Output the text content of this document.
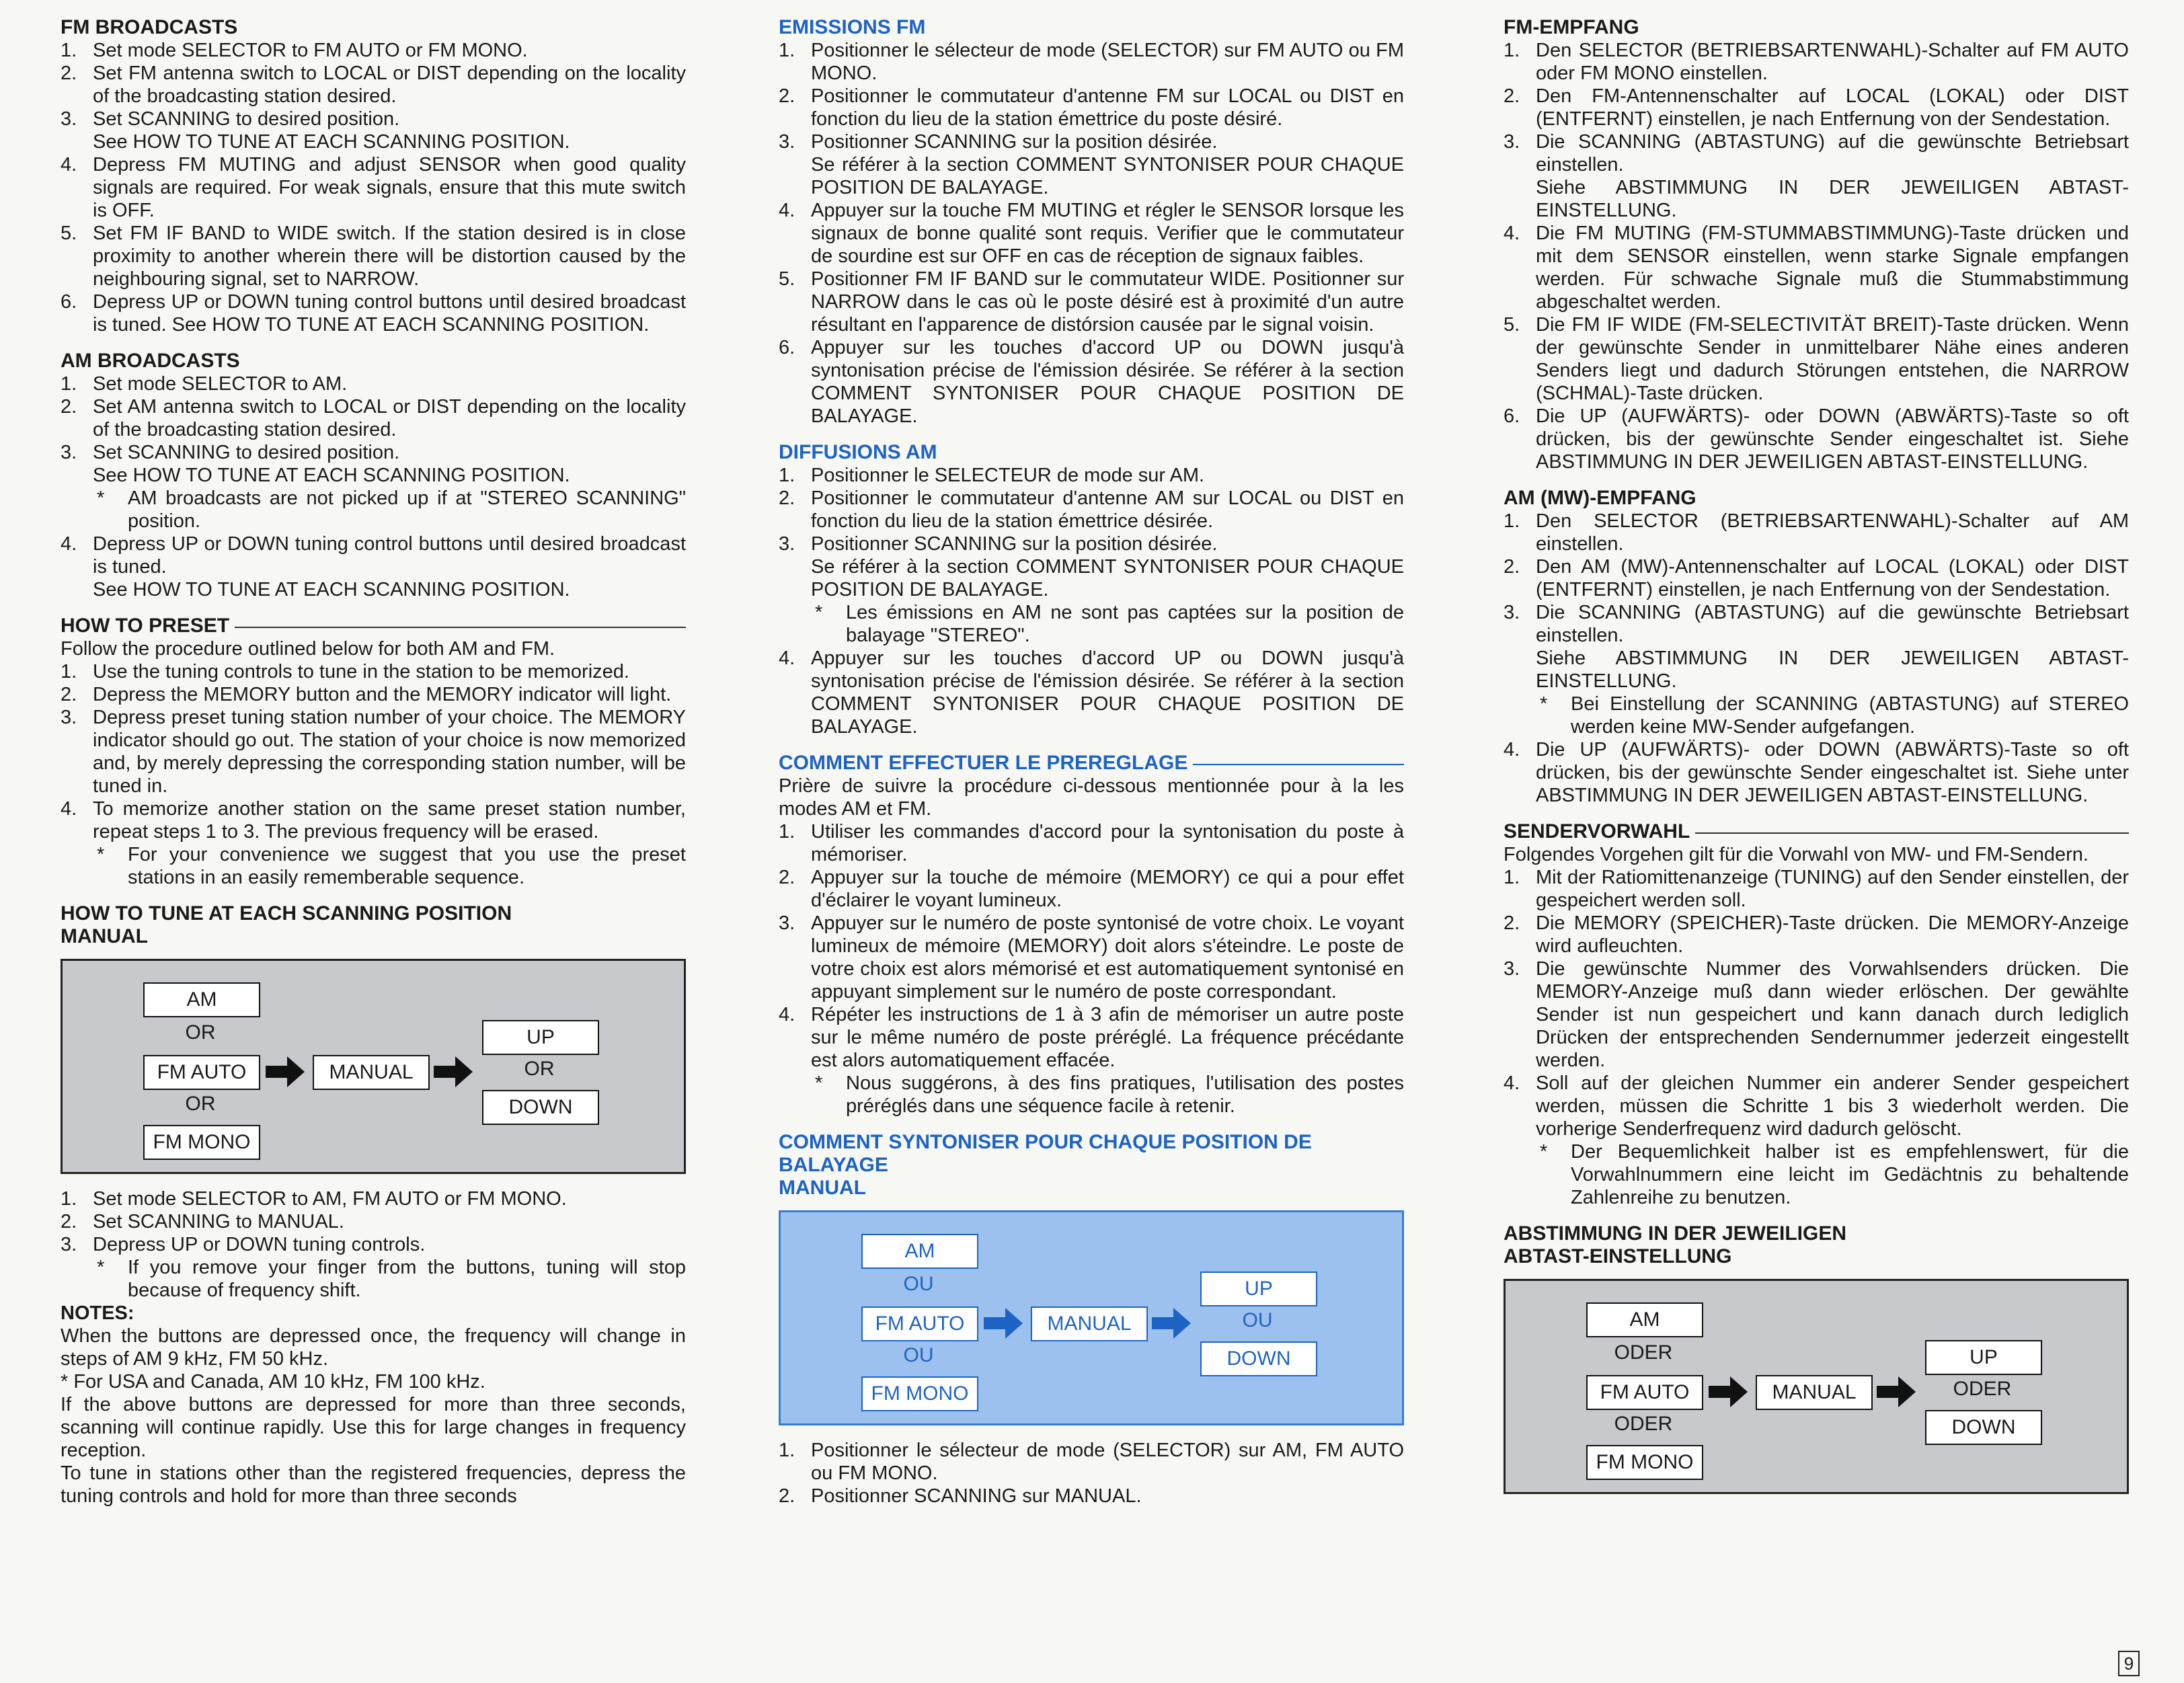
FM BROADCASTS

1. Set mode SELECTOR to FM AUTO or FM MONO.
2. Set FM antenna switch to LOCAL or DIST depending on the locality of the broadcasting station desired.
3. Set SCANNING to desired position.
See HOW TO TUNE AT EACH SCANNING POSITION.
4. Depress FM MUTING and adjust SENSOR when good quality signals are required. For weak signals, ensure that this mute switch is OFF.
5. Set FM IF BAND to WIDE switch. If the station desired is in close proximity to another wherein there will be distortion caused by the neighbouring signal, set to NARROW.
6. Depress UP or DOWN tuning control buttons until desired broadcast is tuned. See HOW TO TUNE AT EACH SCANNING POSITION.

AM BROADCASTS

1. Set mode SELECTOR to AM.
2. Set AM antenna switch to LOCAL or DIST depending on the locality of the broadcasting station desired.
3. Set SCANNING to desired position.
See HOW TO TUNE AT EACH SCANNING POSITION.
* AM broadcasts are not picked up if at "STEREO SCANNING" position.
4. Depress UP or DOWN tuning control buttons until desired broadcast is tuned.
See HOW TO TUNE AT EACH SCANNING POSITION.
HOW TO PRESET

Follow the procedure outlined below for both AM and FM.

1. Use the tuning controls to tune in the station to be memorized.
2. Depress the MEMORY button and the MEMORY indicator will light.
3. Depress preset tuning station number of your choice. The MEMORY indicator should go out. The station of your choice is now memorized and, by merely depressing the corresponding station number, will be tuned in.
4. To memorize another station on the same preset station number, repeat steps 1 to 3. The previous frequency will be erased.
* For your convenience we suggest that you use the preset stations in an easily rememberable sequence.

HOW TO TUNE AT EACH SCANNING POSITION

MANUAL

AM
OR
FM AUTO
OR
FM MONO
MANUAL
UP
OR
DOWN
1. Set mode SELECTOR to AM, FM AUTO or FM MONO.
2. Set SCANNING to MANUAL.
3. Depress UP or DOWN tuning controls.
* If you remove your finger from the buttons, tuning will stop because of frequency shift.

NOTES:

When the buttons are depressed once, the frequency will change in steps of AM 9 kHz, FM 50 kHz.

* For USA and Canada, AM 10 kHz, FM 100 kHz.

If the above buttons are depressed for more than three seconds, scanning will continue rapidly. Use this for large changes in frequency reception.

To tune in stations other than the registered frequencies, depress the tuning controls and hold for more than three seconds

EMISSIONS FM

1. Positionner le sélecteur de mode (SELECTOR) sur FM AUTO ou FM MONO.
2. Positionner le commutateur d'antenne FM sur LOCAL ou DIST en fonction du lieu de la station émettrice du poste désiré.
3. Positionner SCANNING sur la position désirée.
Se référer à la section COMMENT SYNTONISER POUR CHAQUE POSITION DE BALAYAGE.
4. Appuyer sur la touche FM MUTING et régler le SENSOR lorsque les signaux de bonne qualité sont requis. Verifier que le commutateur de sourdine est sur OFF en cas de réception de signaux faibles.
5. Positionner FM IF BAND sur le commutateur WIDE. Positionner sur NARROW dans le cas où le poste désiré est à proximité d'un autre résultant en l'apparence de distórsion causée par le signal voisin.
6. Appuyer sur les touches d'accord UP ou DOWN jusqu'à syntonisation précise de l'émission désirée. Se référer à la section COMMENT SYNTONISER POUR CHAQUE POSITION DE BALAYAGE.

DIFFUSIONS AM

1. Positionner le SELECTEUR de mode sur AM.
2. Positionner le commutateur d'antenne AM sur LOCAL ou DIST en fonction du lieu de la station émettrice désirée.
3. Positionner SCANNING sur la position désirée.
Se référer à la section COMMENT SYNTONISER POUR CHAQUE POSITION DE BALAYAGE.
* Les émissions en AM ne sont pas captées sur la position de balayage "STEREO".
4. Appuyer sur les touches d'accord UP ou DOWN jusqu'à syntonisation précise de l'émission désirée. Se référer à la section COMMENT SYNTONISER POUR CHAQUE POSITION DE BALAYAGE.
COMMENT EFFECTUER LE PREREGLAGE

Prière de suivre la procédure ci-dessous mentionnée pour à la les modes AM et FM.

1. Utiliser les commandes d'accord pour la syntonisation du poste à mémoriser.
2. Appuyer sur la touche de mémoire (MEMORY) ce qui a pour effet d'éclairer le voyant lumineux.
3. Appuyer sur le numéro de poste syntonisé de votre choix. Le voyant lumineux de mémoire (MEMORY) doit alors s'éteindre. Le poste de votre choix est alors mémorisé et est automatiquement syntonisé en appuyant simplement sur le numéro de poste correspondant.
4. Répéter les instructions de 1 à 3 afin de mémoriser un autre poste sur le même numéro de poste préréglé. La fréquence précédante est alors automatiquement effacée.
* Nous suggérons, à des fins pratiques, l'utilisation des postes préréglés dans une séquence facile à retenir.

COMMENT SYNTONISER POUR CHAQUE POSITION DE BALAYAGE

MANUAL

AM
OU
FM AUTO
OU
FM MONO
MANUAL
UP
OU
DOWN
1. Positionner le sélecteur de mode (SELECTOR) sur AM, FM AUTO ou FM MONO.
2. Positionner SCANNING sur MANUAL.

FM-EMPFANG

1. Den SELECTOR (BETRIEBSARTENWAHL)-Schalter auf FM AUTO oder FM MONO einstellen.
2. Den FM-Antennenschalter auf LOCAL (LOKAL) oder DIST (ENTFERNT) einstellen, je nach Entfernung von der Sendestation.
3. Die SCANNING (ABTASTUNG) auf die gewünschte Betriebsart einstellen.
Siehe ABSTIMMUNG IN DER JEWEILIGEN ABTAST-EINSTELLUNG.
4. Die FM MUTING (FM-STUMMABSTIMMUNG)-Taste drücken und mit dem SENSOR einstellen, wenn starke Signale empfangen werden. Für schwache Signale muß die Stummabstimmung abgeschaltet werden.
5. Die FM IF WIDE (FM-SELECTIVITÄT BREIT)-Taste drücken. Wenn der gewünschte Sender in unmittelbarer Nähe eines anderen Senders liegt und dadurch Störungen entstehen, die NARROW (SCHMAL)-Taste drücken.
6. Die UP (AUFWÄRTS)- oder DOWN (ABWÄRTS)-Taste so oft drücken, bis der gewünschte Sender eingeschaltet ist. Siehe ABSTIMMUNG IN DER JEWEILIGEN ABTAST-EINSTELLUNG.

AM (MW)-EMPFANG

1. Den SELECTOR (BETRIEBSARTENWAHL)-Schalter auf AM einstellen.
2. Den AM (MW)-Antennenschalter auf LOCAL (LOKAL) oder DIST (ENTFERNT) einstellen, je nach Entfernung von der Sendestation.
3. Die SCANNING (ABTASTUNG) auf die gewünschte Betriebsart einstellen.
Siehe ABSTIMMUNG IN DER JEWEILIGEN ABTAST-EINSTELLUNG.
* Bei Einstellung der SCANNING (ABTASTUNG) auf STEREO werden keine MW-Sender aufgefangen.
4. Die UP (AUFWÄRTS)- oder DOWN (ABWÄRTS)-Taste so oft drücken, bis der gewünschte Sender eingeschaltet ist. Siehe unter ABSTIMMUNG IN DER JEWEILIGEN ABTAST-EINSTELLUNG.
SENDERVORWAHL

Folgendes Vorgehen gilt für die Vorwahl von MW- und FM-Sendern.

1. Mit der Ratiomittenanzeige (TUNING) auf den Sender einstellen, der gespeichert werden soll.
2. Die MEMORY (SPEICHER)-Taste drücken. Die MEMORY-Anzeige wird aufleuchten.
3. Die gewünschte Nummer des Vorwahlsenders drücken. Die MEMORY-Anzeige muß dann wieder erlöschen. Der gewählte Sender ist nun gespeichert und kann danach durch lediglich Drücken der entsprechenden Sendernummer jederzeit eingestellt werden.
4. Soll auf der gleichen Nummer ein anderer Sender gespeichert werden, müssen die Schritte 1 bis 3 wiederholt werden. Die vorherige Senderfrequenz wird dadurch gelöscht.
* Der Bequemlichkeit halber ist es empfehlenswert, für die Vorwahlnummern eine leicht im Gedächtnis zu behaltende Zahlenreihe zu benutzen.

ABSTIMMUNG IN DER JEWEILIGEN

ABTAST-EINSTELLUNG

AM
ODER
FM AUTO
ODER
FM MONO
MANUAL
UP
ODER
DOWN
9
